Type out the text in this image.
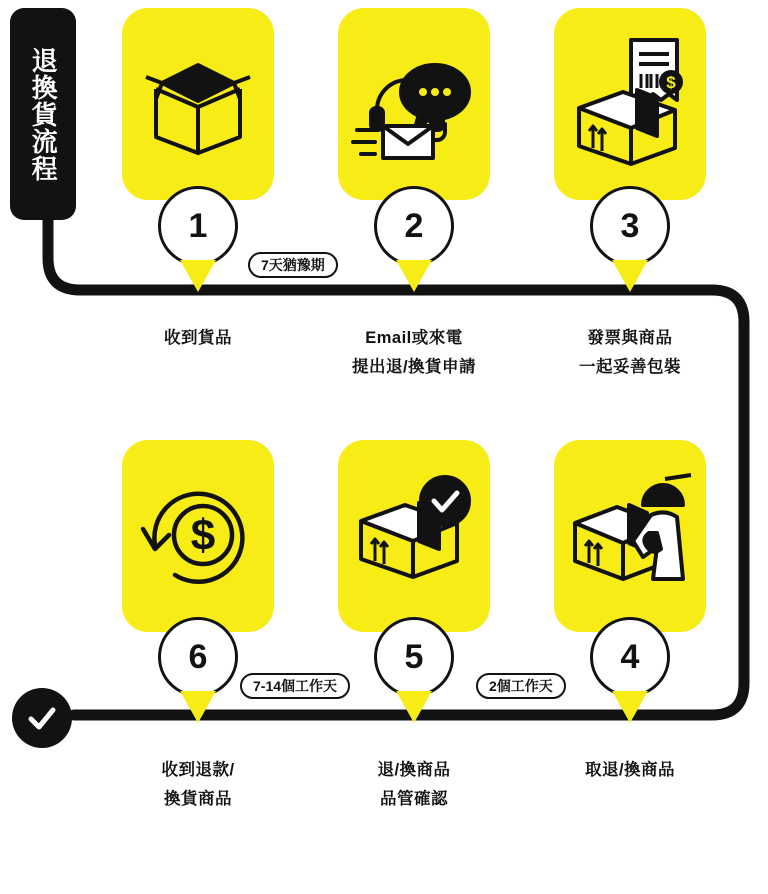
退換貨流程	$
1	2	3
7天猶豫期
收到貨品	Email或來電
提出退/換貨申請
發票與商品
一起妥善包裝
$
6	5	4
7-14個工作天	2個工作天
收到退款/
換貨商品
退/換商品
品管確認
取退/換商品
